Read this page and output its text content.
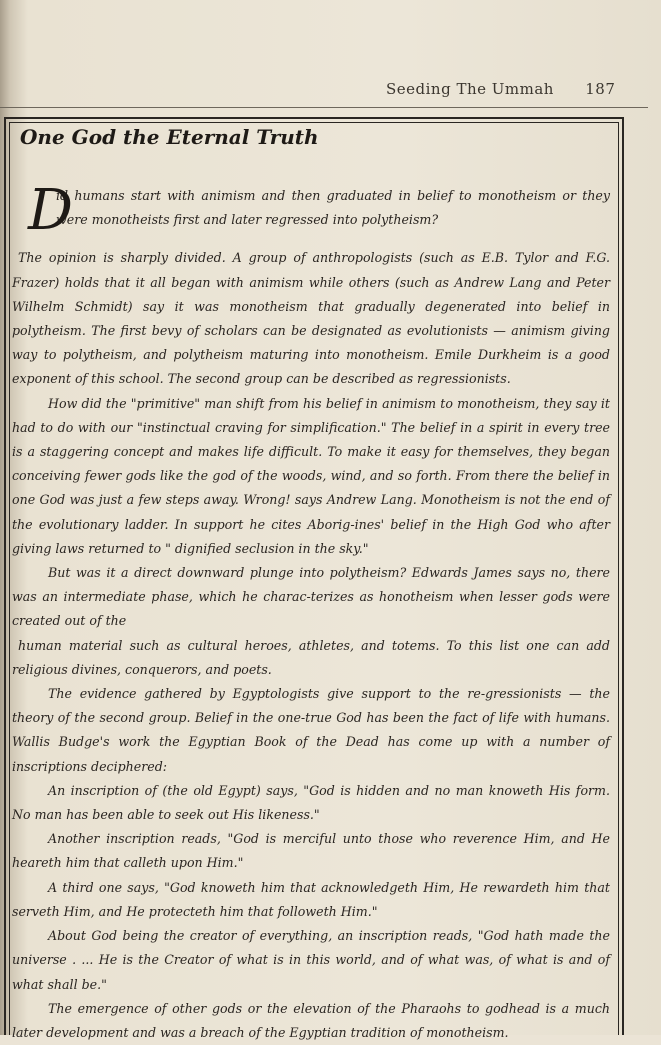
Seeding The Ummah 187
One God the Eternal Truth

D
id humans start with animism and then graduated in belief to monotheism or they were monotheists first and later regressed into polytheism?

The opinion is sharply divided. A group of anthropologists (such as E.B. Tylor and F.G. Frazer) holds that it all began with animism while others (such as Andrew Lang and Peter Wilhelm Schmidt) say it was monotheism that gradually degenerated into belief in polytheism. The first bevy of scholars can be designated as evolutionists — animism giving way to polytheism, and polytheism maturing into monotheism. Emile Durkheim is a good exponent of this school. The second group can be described as regressionists.

How did the "primitive" man shift from his belief in animism to monotheism, they say it had to do with our "instinctual craving for simplification." The belief in a spirit in every tree is a staggering concept and makes life difficult. To make it easy for themselves, they began conceiving fewer gods like the god of the woods, wind, and so forth. From there the belief in one God was just a few steps away. Wrong! says Andrew Lang. Monotheism is not the end of the evolutionary ladder. In support he cites Aborig-ines' belief in the High God who after giving laws returned to " dignified seclusion in the sky."

But was it a direct downward plunge into polytheism? Edwards James says no, there was an intermediate phase, which he charac-terizes as honotheism when lesser gods were created out of the

human material such as cultural heroes, athletes, and totems. To this list one can add religious divines, conquerors, and poets.

The evidence gathered by Egyptologists give support to the re-gressionists — the theory of the second group. Belief in the one-true God has been the fact of life with humans. Wallis Budge's work the Egyptian Book of the Dead has come up with a number of inscriptions deciphered:

An inscription of (the old Egypt) says, "God is hidden and no man knoweth His form. No man has been able to seek out His likeness."

Another inscription reads, "God is merciful unto those who reverence Him, and He heareth him that calleth upon Him."

A third one says, "God knoweth him that acknowledgeth Him, He rewardeth him that serveth Him, and He protecteth him that followeth Him."

About God being the creator of everything, an inscription reads, "God hath made the universe . ... He is the Creator of what is in this world, and of what was, of what is and of what shall be."

The emergence of other gods or the elevation of the Pharaohs to godhead is a much later development and was a breach of the Egyptian tradition of monotheism.
